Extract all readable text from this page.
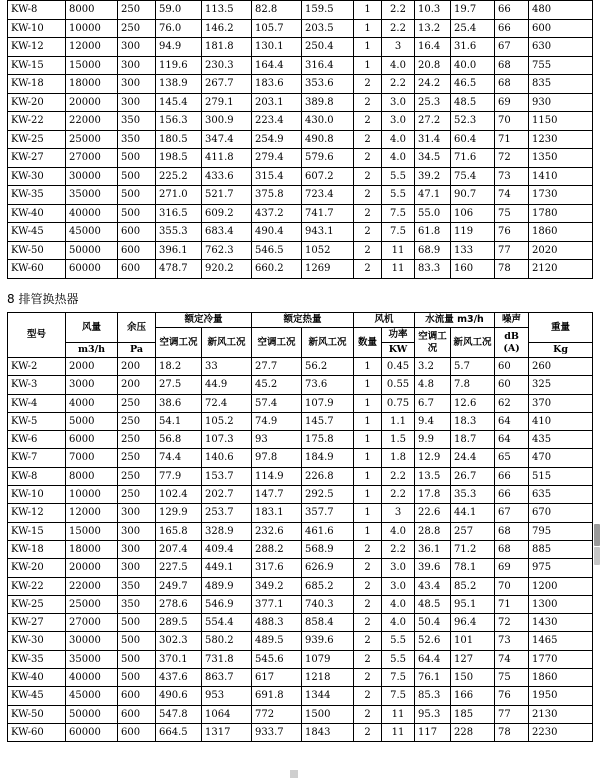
KW-8	8000	250	59.0	113.5	82.8	159.5	1	2.2	10.3	19.7	66	480
KW-10	10000	250	76.0	146.2	105.7	203.5	1	2.2	13.2	25.4	66	600
KW-12	12000	300	94.9	181.8	130.1	250.4	1	3	16.4	31.6	67	630
KW-15	15000	300	119.6	230.3	164.4	316.4	1	4.0	20.8	40.0	68	755
KW-18	18000	300	138.9	267.7	183.6	353.6	2	2.2	24.2	46.5	68	835
KW-20	20000	300	145.4	279.1	203.1	389.8	2	3.0	25.3	48.5	69	930
KW-22	22000	350	156.3	300.9	223.4	430.0	2	3.0	27.2	52.3	70	1150
KW-25	25000	350	180.5	347.4	254.9	490.8	2	4.0	31.4	60.4	71	1230
KW-27	27000	500	198.5	411.8	279.4	579.6	2	4.0	34.5	71.6	72	1350
KW-30	30000	500	225.2	433.6	315.4	607.2	2	5.5	39.2	75.4	73	1410
KW-35	35000	500	271.0	521.7	375.8	723.4	2	5.5	47.1	90.7	74	1730
KW-40	40000	500	316.5	609.2	437.2	741.7	2	7.5	55.0	106	75	1780
KW-45	45000	600	355.3	683.4	490.4	943.1	2	7.5	61.8	119	76	1860
KW-50	50000	600	396.1	762.3	546.5	1052	2	11	68.9	133	77	2020
KW-60	60000	600	478.7	920.2	660.2	1269	2	11	83.3	160	78	2120
8 排管换热器
型号	风量	余压	额定冷量		额定热量		风机		水流量 m3/h		噪声	重量
			空调工况	新风工况	空调工况	新风工况	数量	功率	空调工况	新风工况	dB (A)	
	m3/h	Pa						KW				Kg
KW-2	2000	200	18.2	33	27.7	56.2	1	0.45	3.2	5.7	60	260
KW-3	3000	200	27.5	44.9	45.2	73.6	1	0.55	4.8	7.8	60	325
KW-4	4000	250	38.6	72.4	57.4	107.9	1	0.75	6.7	12.6	62	370
KW-5	5000	250	54.1	105.2	74.9	145.7	1	1.1	9.4	18.3	64	410
KW-6	6000	250	56.8	107.3	93	175.8	1	1.5	9.9	18.7	64	435
KW-7	7000	250	74.4	140.6	97.8	184.9	1	1.8	12.9	24.4	65	470
KW-8	8000	250	77.9	153.7	114.9	226.8	1	2.2	13.5	26.7	66	515
KW-10	10000	250	102.4	202.7	147.7	292.5	1	2.2	17.8	35.3	66	635
KW-12	12000	300	129.9	253.7	183.1	357.7	1	3	22.6	44.1	67	670
KW-15	15000	300	165.8	328.9	232.6	461.6	1	4.0	28.8	257	68	795
KW-18	18000	300	207.4	409.4	288.2	568.9	2	2.2	36.1	71.2	68	885
KW-20	20000	300	227.5	449.1	317.6	626.9	2	3.0	39.6	78.1	69	975
KW-22	22000	350	249.7	489.9	349.2	685.2	2	3.0	43.4	85.2	70	1200
KW-25	25000	350	278.6	546.9	377.1	740.3	2	4.0	48.5	95.1	71	1300
KW-27	27000	500	289.5	554.4	488.3	858.4	2	4.0	50.4	96.4	72	1430
KW-30	30000	500	302.3	580.2	489.5	939.6	2	5.5	52.6	101	73	1465
KW-35	35000	500	370.1	731.8	545.6	1079	2	5.5	64.4	127	74	1770
KW-40	40000	500	437.6	863.7	617	1218	2	7.5	76.1	150	75	1860
KW-45	45000	600	490.6	953	691.8	1344	2	7.5	85.3	166	76	1950
KW-50	50000	600	547.8	1064	772	1500	2	11	95.3	185	77	2130
KW-60	60000	600	664.5	1317	933.7	1843	2	11	117	228	78	2230
